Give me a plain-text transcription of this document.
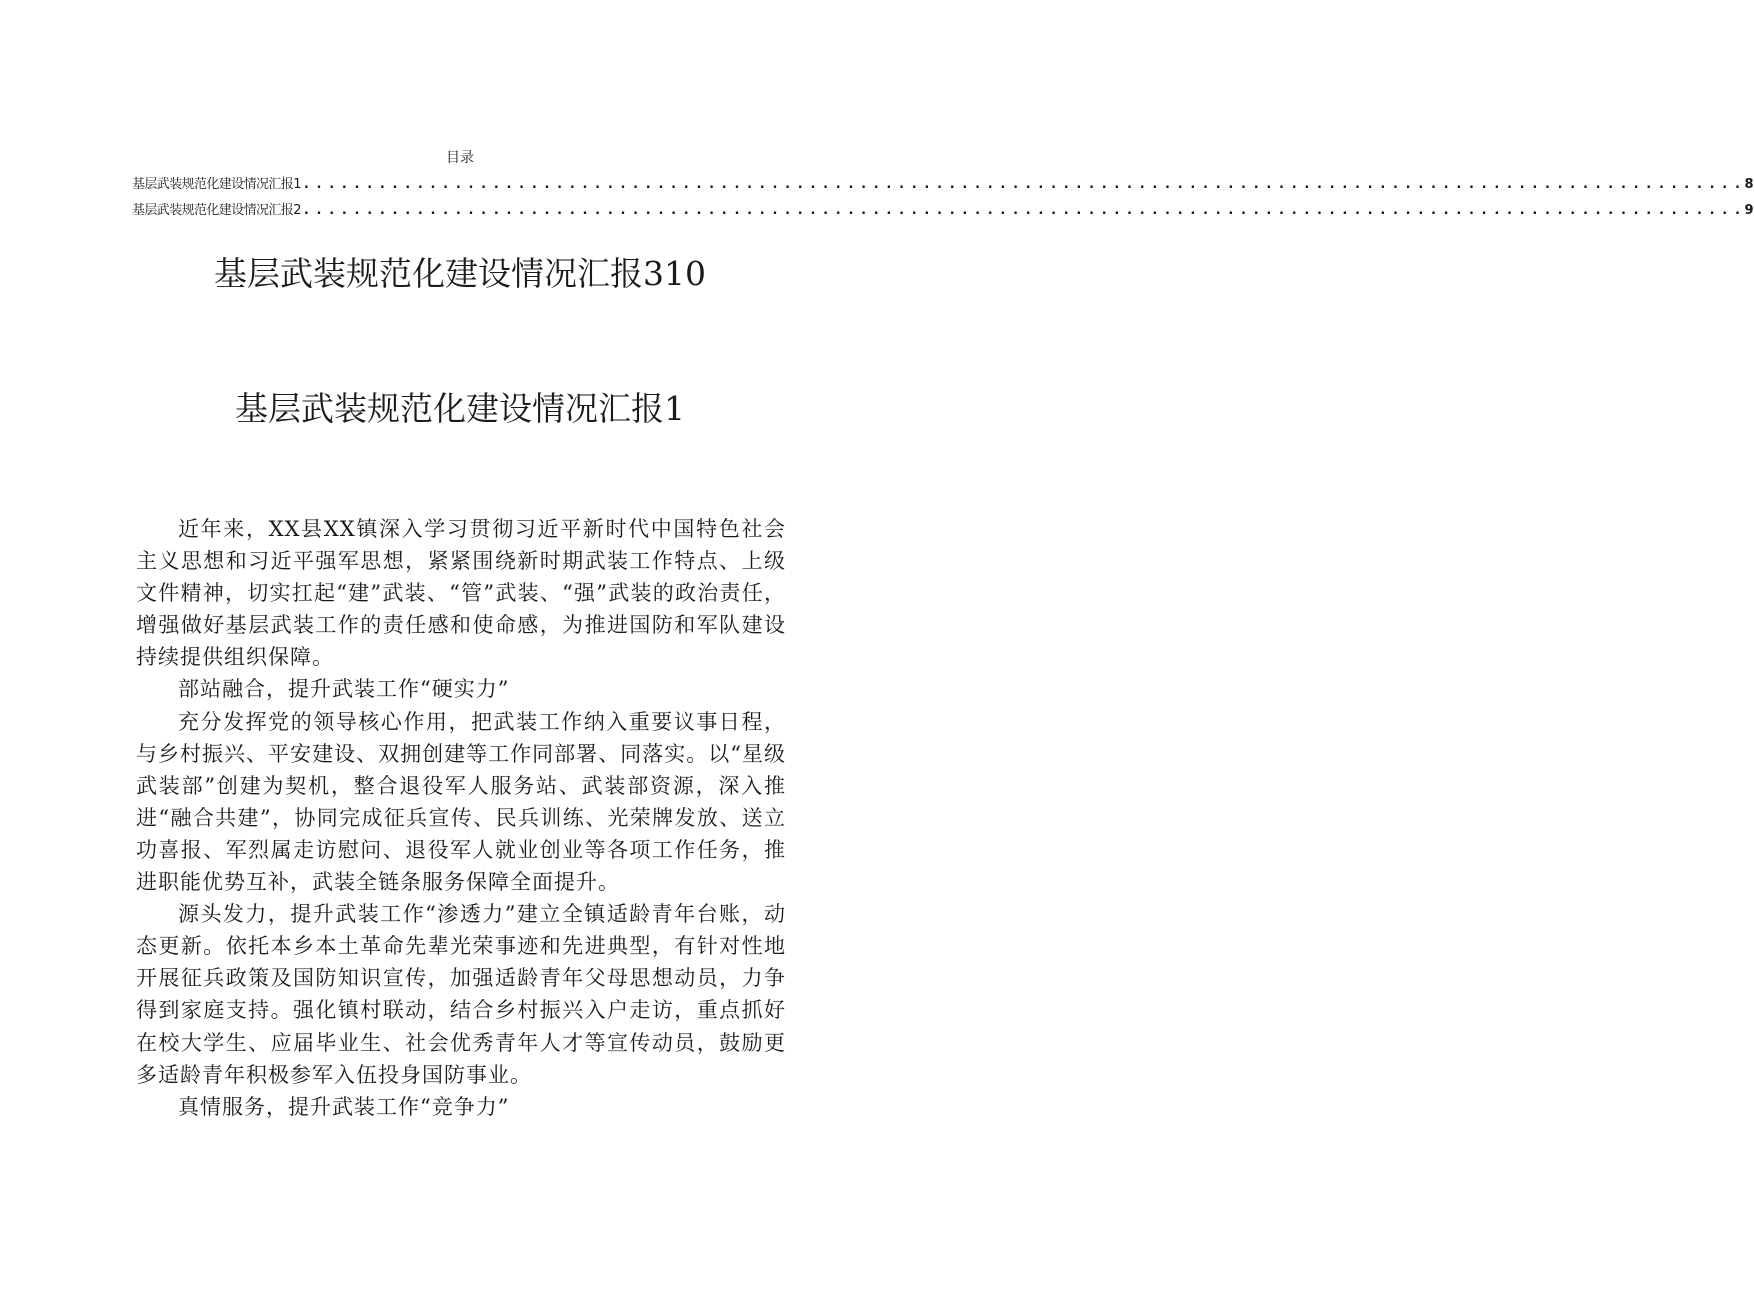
目录
基层武装规范化建设情况汇报1 . . . . . . . . . . . . . . . . . . . . . . . . . . . . . . . . . . . . . . . . . . . . . . . . . . . . . . . . . . . . . . . . . . . . . . . . . . . . . . . . . . . . . . . . . . . . . . . . . . . . . . . . . . . . . . . . . . 8
基层武装规范化建设情况汇报2 . . . . . . . . . . . . . . . . . . . . . . . . . . . . . . . . . . . . . . . . . . . . . . . . . . . . . . . . . . . . . . . . . . . . . . . . . . . . . . . . . . . . . . . . . . . . . . . . . . . . . . . . . . . . . . . . . . 9
基层武装规范化建设情况汇报310
基层武装规范化建设情况汇报1

近年来，XX县XX镇深入学习贯彻习近平新时代中国特色社会主义思想和习近平强军思想，紧紧围绕新时期武装工作特点、上级文件精神，切实扛起“建”武装、“管”武装、“强”武装的政治责任，增强做好基层武装工作的责任感和使命感，为推进国防和军队建设持续提供组织保障。

部站融合，提升武装工作“硬实力”

充分发挥党的领导核心作用，把武装工作纳入重要议事日程，与乡村振兴、平安建设、双拥创建等工作同部署、同落实。以“星级武装部”创建为契机，整合退役军人服务站、武装部资源，深入推进“融合共建”，协同完成征兵宣传、民兵训练、光荣牌发放、送立功喜报、军烈属走访慰问、退役军人就业创业等各项工作任务，推进职能优势互补，武装全链条服务保障全面提升。

源头发力，提升武装工作“渗透力”建立全镇适龄青年台账，动态更新。依托本乡本土革命先辈光荣事迹和先进典型，有针对性地开展征兵政策及国防知识宣传，加强适龄青年父母思想动员，力争得到家庭支持。强化镇村联动，结合乡村振兴入户走访，重点抓好在校大学生、应届毕业生、社会优秀青年人才等宣传动员，鼓励更多适龄青年积极参军入伍投身国防事业。

真情服务，提升武装工作“竞争力”
